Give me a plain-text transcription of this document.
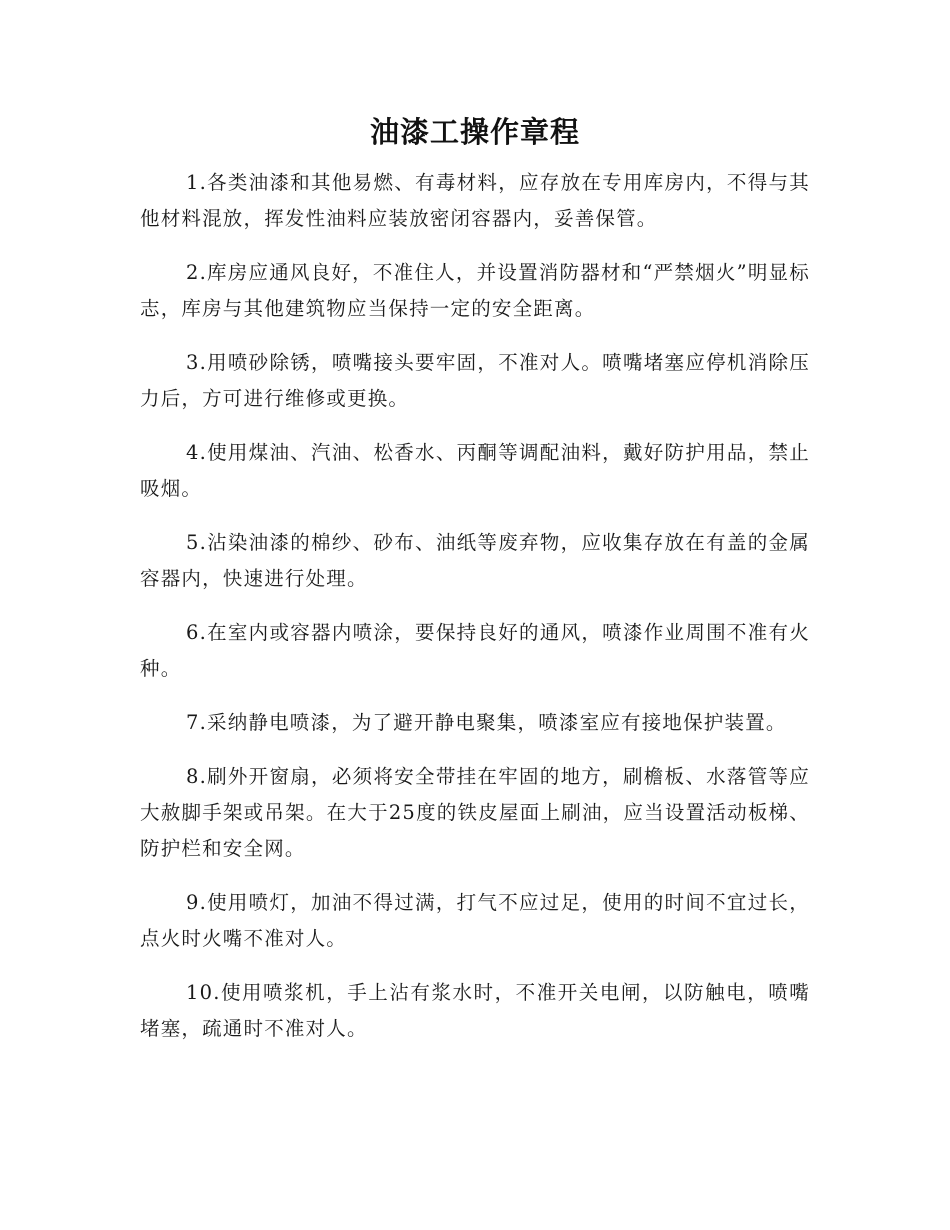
油漆工操作章程

1.各类油漆和其他易燃、有毒材料，应存放在专用库房内，不得与其他材料混放，挥发性油料应装放密闭容器内，妥善保管。

2.库房应通风良好，不准住人，并设置消防器材和“严禁烟火”明显标志，库房与其他建筑物应当保持一定的安全距离。

3.用喷砂除锈，喷嘴接头要牢固，不准对人。喷嘴堵塞应停机消除压力后，方可进行维修或更换。

4.使用煤油、汽油、松香水、丙酮等调配油料，戴好防护用品，禁止吸烟。

5.沾染油漆的棉纱、砂布、油纸等废弃物，应收集存放在有盖的金属容器内，快速进行处理。

6.在室内或容器内喷涂，要保持良好的通风，喷漆作业周围不准有火种。

7.采纳静电喷漆，为了避开静电聚集，喷漆室应有接地保护装置。

8.刷外开窗扇，必须将安全带挂在牢固的地方，刷檐板、水落管等应大赦脚手架或吊架。在大于25度的铁皮屋面上刷油，应当设置活动板梯、防护栏和安全网。

9.使用喷灯，加油不得过满，打气不应过足，使用的时间不宜过长，点火时火嘴不准对人。

10.使用喷浆机，手上沾有浆水时，不准开关电闸，以防触电，喷嘴堵塞，疏通时不准对人。
